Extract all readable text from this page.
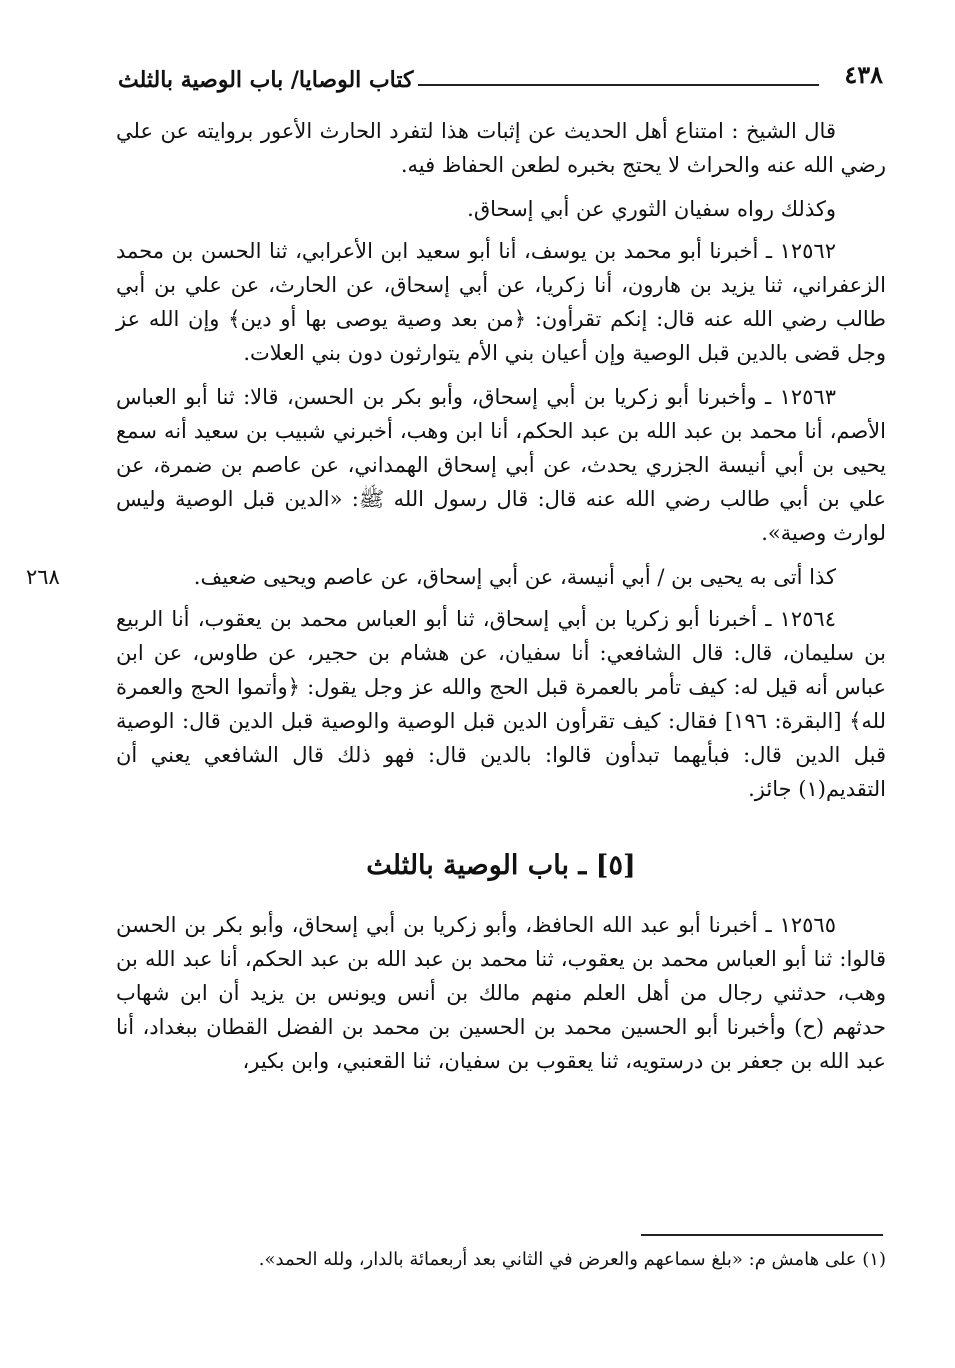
٤٣٨
كتاب الوصايا/ باب الوصية بالثلث

قال الشيخ : امتناع أهل الحديث عن إثبات هذا لتفرد الحارث الأعور بروايته عن علي رضي الله عنه والحراث لا يحتج بخبره لطعن الحفاظ فيه.

وكذلك رواه سفيان الثوري عن أبي إسحاق.

١٢٥٦٢ ـ أخبرنا أبو محمد بن يوسف، أنا أبو سعيد ابن الأعرابي، ثنا الحسن بن محمد الزعفراني، ثنا يزيد بن هارون، أنا زكريا، عن أبي إسحاق، عن الحارث، عن علي بن أبي طالب رضي الله عنه قال: إنكم تقرأون: ﴿من بعد وصية يوصى بها أو دين﴾ وإن الله عز وجل قضى بالدين قبل الوصية وإن أعيان بني الأم يتوارثون دون بني العلات.

١٢٥٦٣ ـ وأخبرنا أبو زكريا بن أبي إسحاق، وأبو بكر بن الحسن، قالا: ثنا أبو العباس الأصم، أنا محمد بن عبد الله بن عبد الحكم، أنا ابن وهب، أخبرني شبيب بن سعيد أنه سمع يحيى بن أبي أنيسة الجزري يحدث، عن أبي إسحاق الهمداني، عن عاصم بن ضمرة، عن علي بن أبي طالب رضي الله عنه قال: قال رسول الله ﷺ: «الدين قبل الوصية وليس لوارث وصية».

٢٦٨	كذا أتى به يحيى بن / أبي أنيسة، عن أبي إسحاق، عن عاصم ويحيى ضعيف.

١٢٥٦٤ ـ أخبرنا أبو زكريا بن أبي إسحاق، ثنا أبو العباس محمد بن يعقوب، أنا الربيع بن سليمان، قال: قال الشافعي: أنا سفيان، عن هشام بن حجير، عن طاوس، عن ابن عباس أنه قيل له: كيف تأمر بالعمرة قبل الحج والله عز وجل يقول: ﴿وأتموا الحج والعمرة لله﴾ [البقرة: ١٩٦] فقال: كيف تقرأون الدين قبل الوصية والوصية قبل الدين قال: الوصية قبل الدين قال: فبأيهما تبدأون قالوا: بالدين قال: فهو ذلك قال الشافعي يعني أن التقديم(١) جائز.

[٥] ـ باب الوصية بالثلث

١٢٥٦٥ ـ أخبرنا أبو عبد الله الحافظ، وأبو زكريا بن أبي إسحاق، وأبو بكر بن الحسن قالوا: ثنا أبو العباس محمد بن يعقوب، ثنا محمد بن عبد الله بن عبد الحكم، أنا عبد الله بن وهب، حدثني رجال من أهل العلم منهم مالك بن أنس ويونس بن يزيد أن ابن شهاب حدثهم (ح) وأخبرنا أبو الحسين محمد بن الحسين بن محمد بن الفضل القطان ببغداد، أنا عبد الله بن جعفر بن درستويه، ثنا يعقوب بن سفيان، ثنا القعنبي، وابن بكير،

(١) على هامش م: «بلغ سماعهم والعرض في الثاني بعد أربعمائة بالدار، ولله الحمد».
